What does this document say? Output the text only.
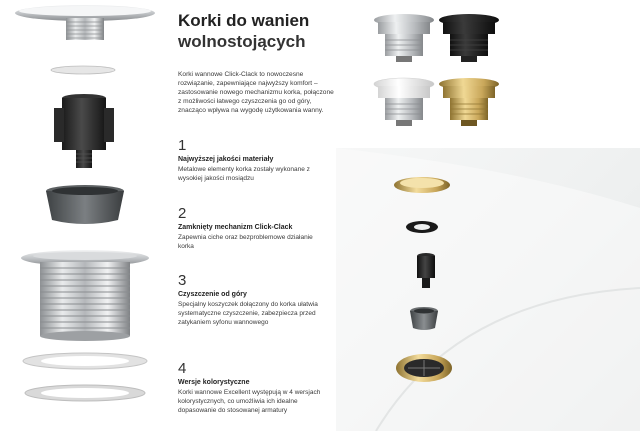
Korki do wanien
wolnostojących

Korki wannowe Click-Clack to nowoczesne rozwiązanie, zapewniające najwyższy komfort – zastosowanie nowego mechanizmu korka, połączone z możliwości łatwego czyszczenia go od góry, znacząco wpływa na wygodę użytkowania wanny.

1
Najwyższej jakości materiały
Metalowe elementy korka zostały wykonane z wysokiej jakości mosiądzu
2
Zamknięty mechanizm Click-Clack
Zapewnia ciche oraz bezproblemowe działanie korka
3
Czyszczenie od góry
Specjalny koszyczek dołączony do korka ułatwia systematyczne czyszczenie, zabezpiecza przed zatykaniem syfonu wannowego
4
Wersje kolorystyczne
Korki wannowe Excellent występują w 4 wersjach kolorystycznych, co umożliwia ich idealne dopasowanie do stosowanej armatury
